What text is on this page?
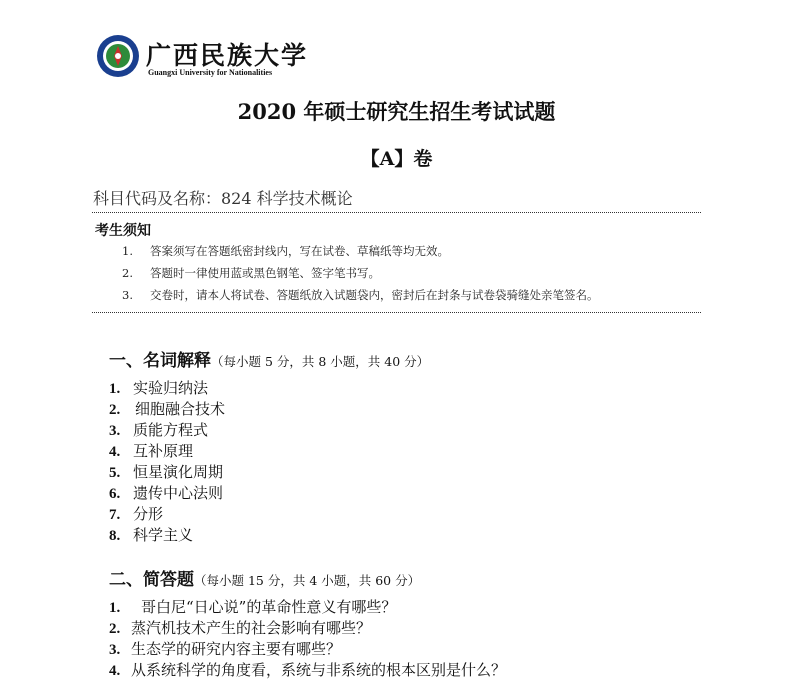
广西民族大学
Guangxi University for Nationalities
2020 年硕士研究生招生考试试题
【A】卷
科目代码及名称：824 科学技术概论
考生须知
1. 答案须写在答题纸密封线内，写在试卷、草稿纸等均无效。
2. 答题时一律使用蓝或黑色钢笔、签字笔书写。
3. 交卷时，请本人将试卷、答题纸放入试题袋内，密封后在封条与试卷袋骑缝处亲笔签名。
一、名词解释（每小题 5 分，共 8 小题，共 40 分）
1. 实验归纳法
2. 细胞融合技术
3. 质能方程式
4. 互补原理
5. 恒星演化周期
6. 遗传中心法则
7. 分形
8. 科学主义
二、简答题（每小题 15 分，共 4 小题，共 60 分）
1. 哥白尼“日心说”的革命性意义有哪些？
2. 蒸汽机技术产生的社会影响有哪些？
3. 生态学的研究内容主要有哪些？
4. 从系统科学的角度看，系统与非系统的根本区别是什么？
